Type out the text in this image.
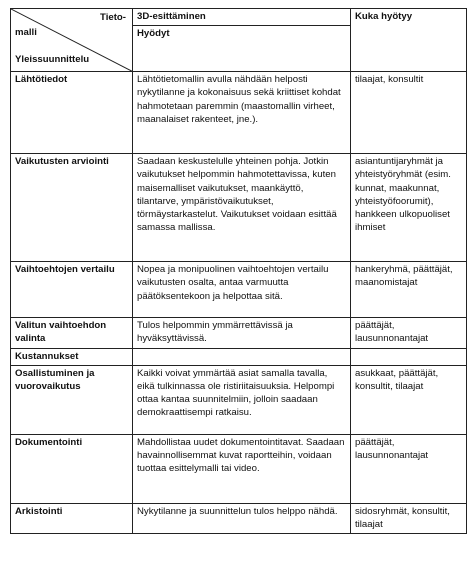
Tieto-
malli
Yleissuunnittelu	3D-esittäminen	Kuka hyötyy
	Hyödyt	
Lähtötiedot	Lähtötietomallin avulla nähdään helposti nykytilanne ja kokonaisuus sekä kriittiset kohdat hahmotetaan paremmin (maastomallin virheet, maanalaiset rakenteet, jne.).	tilaajat, konsultit
Vaikutusten arviointi	Saadaan keskustelulle yhteinen pohja. Jotkin vaikutukset helpommin hahmotettavissa, kuten maisemalliset vaikutukset, maankäyttö, tilantarve, ympäristövaikutukset, törmäystarkastelut. Vaikutukset voidaan esittää samassa mallissa.	asiantuntijaryhmät ja yhteistyöryhmät (esim. kunnat, maakunnat, yhteistyöfoorumit), hankkeen ulkopuoliset ihmiset
Vaihtoehtojen vertailu	Nopea ja monipuolinen vaihtoehtojen vertailu vaikutusten osalta, antaa varmuutta päätöksentekoon ja helpottaa sitä.	hankeryhmä, päättäjät, maanomistajat
Valitun vaihtoehdon valinta	Tulos helpommin ymmärrettävissä ja hyväksyttävissä.	päättäjät, lausunnonantajat
Kustannukset		
Osallistuminen ja vuorovaikutus	Kaikki voivat ymmärtää asiat samalla tavalla, eikä tulkinnassa ole ristiriitaisuuksia. Helpompi ottaa kantaa suunnitelmiin, jolloin saadaan demokraattisempi ratkaisu.	asukkaat, päättäjät, konsultit, tilaajat
Dokumentointi	Mahdollistaa uudet dokumentointitavat. Saadaan havainnollisemmat kuvat raportteihin, voidaan tuottaa esittelymalli tai video.	päättäjät, lausunnonantajat
Arkistointi	Nykytilanne ja suunnittelun tulos helppo nähdä.	sidosryhmät, konsultit, tilaajat
